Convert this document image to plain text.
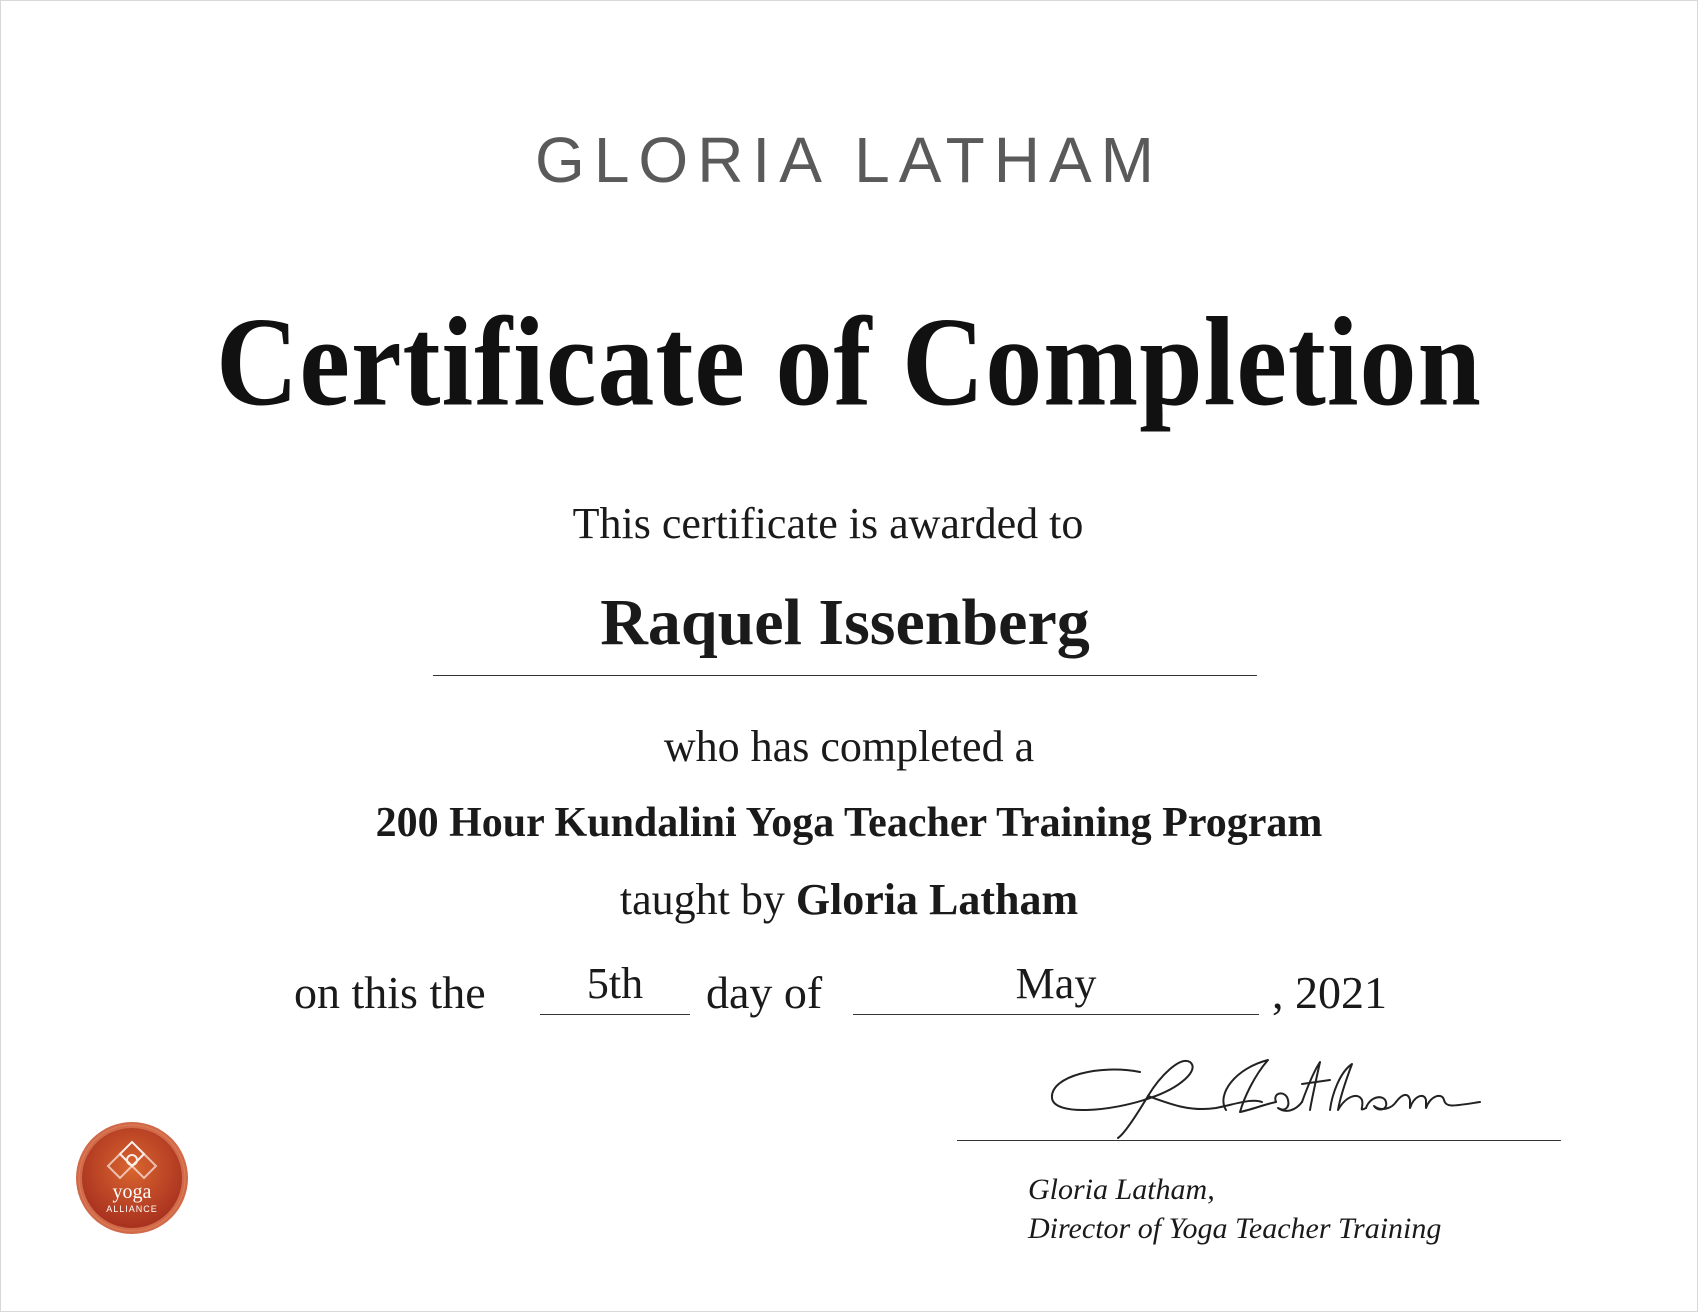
GLORIA LATHAM
Certificate of Completion
This certificate is awarded to
Raquel Issenberg
who has completed a
200 Hour Kundalini Yoga Teacher Training Program
taught by Gloria Latham
on this the	5th	day of	May	, 2021
Gloria Latham,
Director of Yoga Teacher Training
yoga
ALLIANCE
